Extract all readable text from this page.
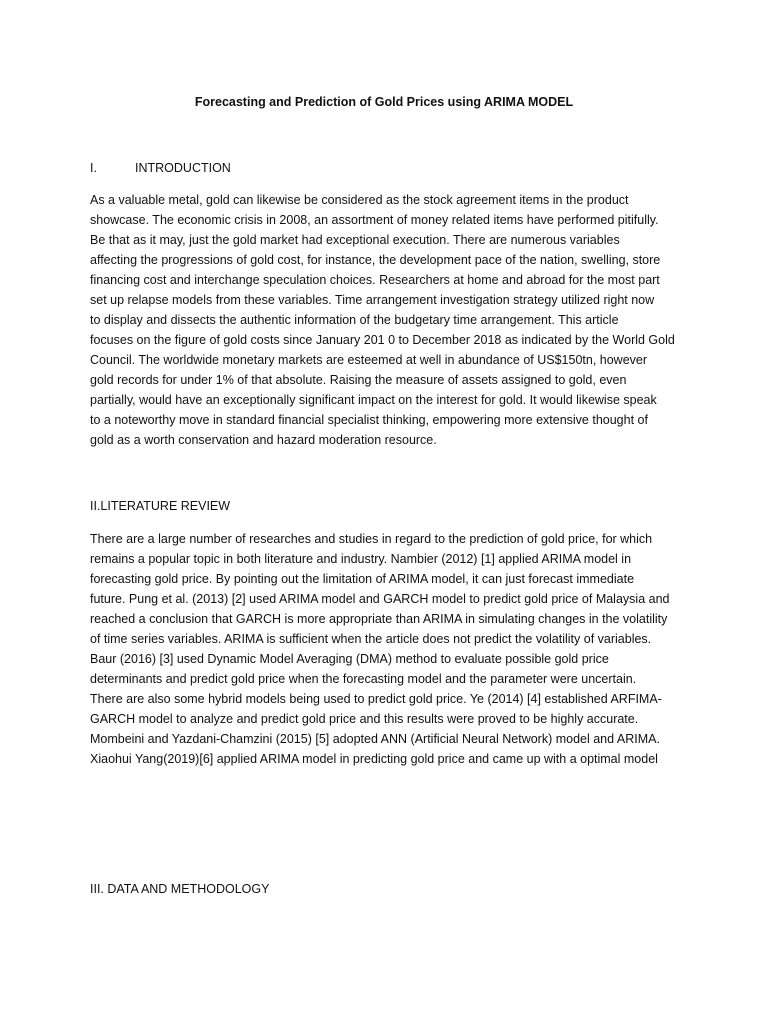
Forecasting and Prediction of Gold Prices using ARIMA MODEL
I.	INTRODUCTION
As a valuable metal, gold can likewise be considered as the stock agreement items in the product
showcase. The economic crisis in 2008, an assortment of money related items have performed pitifully.
Be that as it may, just the gold market had exceptional execution. There are numerous variables
affecting the progressions of gold cost, for instance, the development pace of the nation, swelling, store
financing cost and interchange speculation choices. Researchers at home and abroad for the most part
set up relapse models from these variables. Time arrangement investigation strategy utilized right now
to display and dissects the authentic information of the budgetary time arrangement. This article
focuses on the figure of gold costs since January 201 0 to December 2018 as indicated by the World Gold
Council. The worldwide monetary markets are esteemed at well in abundance of US$150tn, however
gold records for under 1% of that absolute. Raising the measure of assets assigned to gold, even
partially, would have an exceptionally significant impact on the interest for gold. It would likewise speak
to a noteworthy move in standard financial specialist thinking, empowering more extensive thought of
gold as a worth conservation and hazard moderation resource.
II.LITERATURE REVIEW
There are a large number of researches and studies in regard to the prediction of gold price, for which
remains a popular topic in both literature and industry. Nambier (2012) [1] applied ARIMA model in
forecasting gold price. By pointing out the limitation of ARIMA model, it can just forecast immediate
future. Pung et al. (2013) [2] used ARIMA model and GARCH model to predict gold price of Malaysia and
reached a conclusion that GARCH is more appropriate than ARIMA in simulating changes in the volatility
of time series variables. ARIMA is sufficient when the article does not predict the volatility of variables.
Baur (2016) [3] used Dynamic Model Averaging (DMA) method to evaluate possible gold price
determinants and predict gold price when the forecasting model and the parameter were uncertain.
There are also some hybrid models being used to predict gold price. Ye (2014) [4] established ARFIMA-
GARCH model to analyze and predict gold price and this results were proved to be highly accurate.
Mombeini and Yazdani-Chamzini (2015) [5] adopted ANN (Artificial Neural Network) model and ARIMA.
Xiaohui Yang(2019)[6] applied ARIMA model in predicting gold price and came up with a optimal model
III. DATA AND METHODOLOGY
